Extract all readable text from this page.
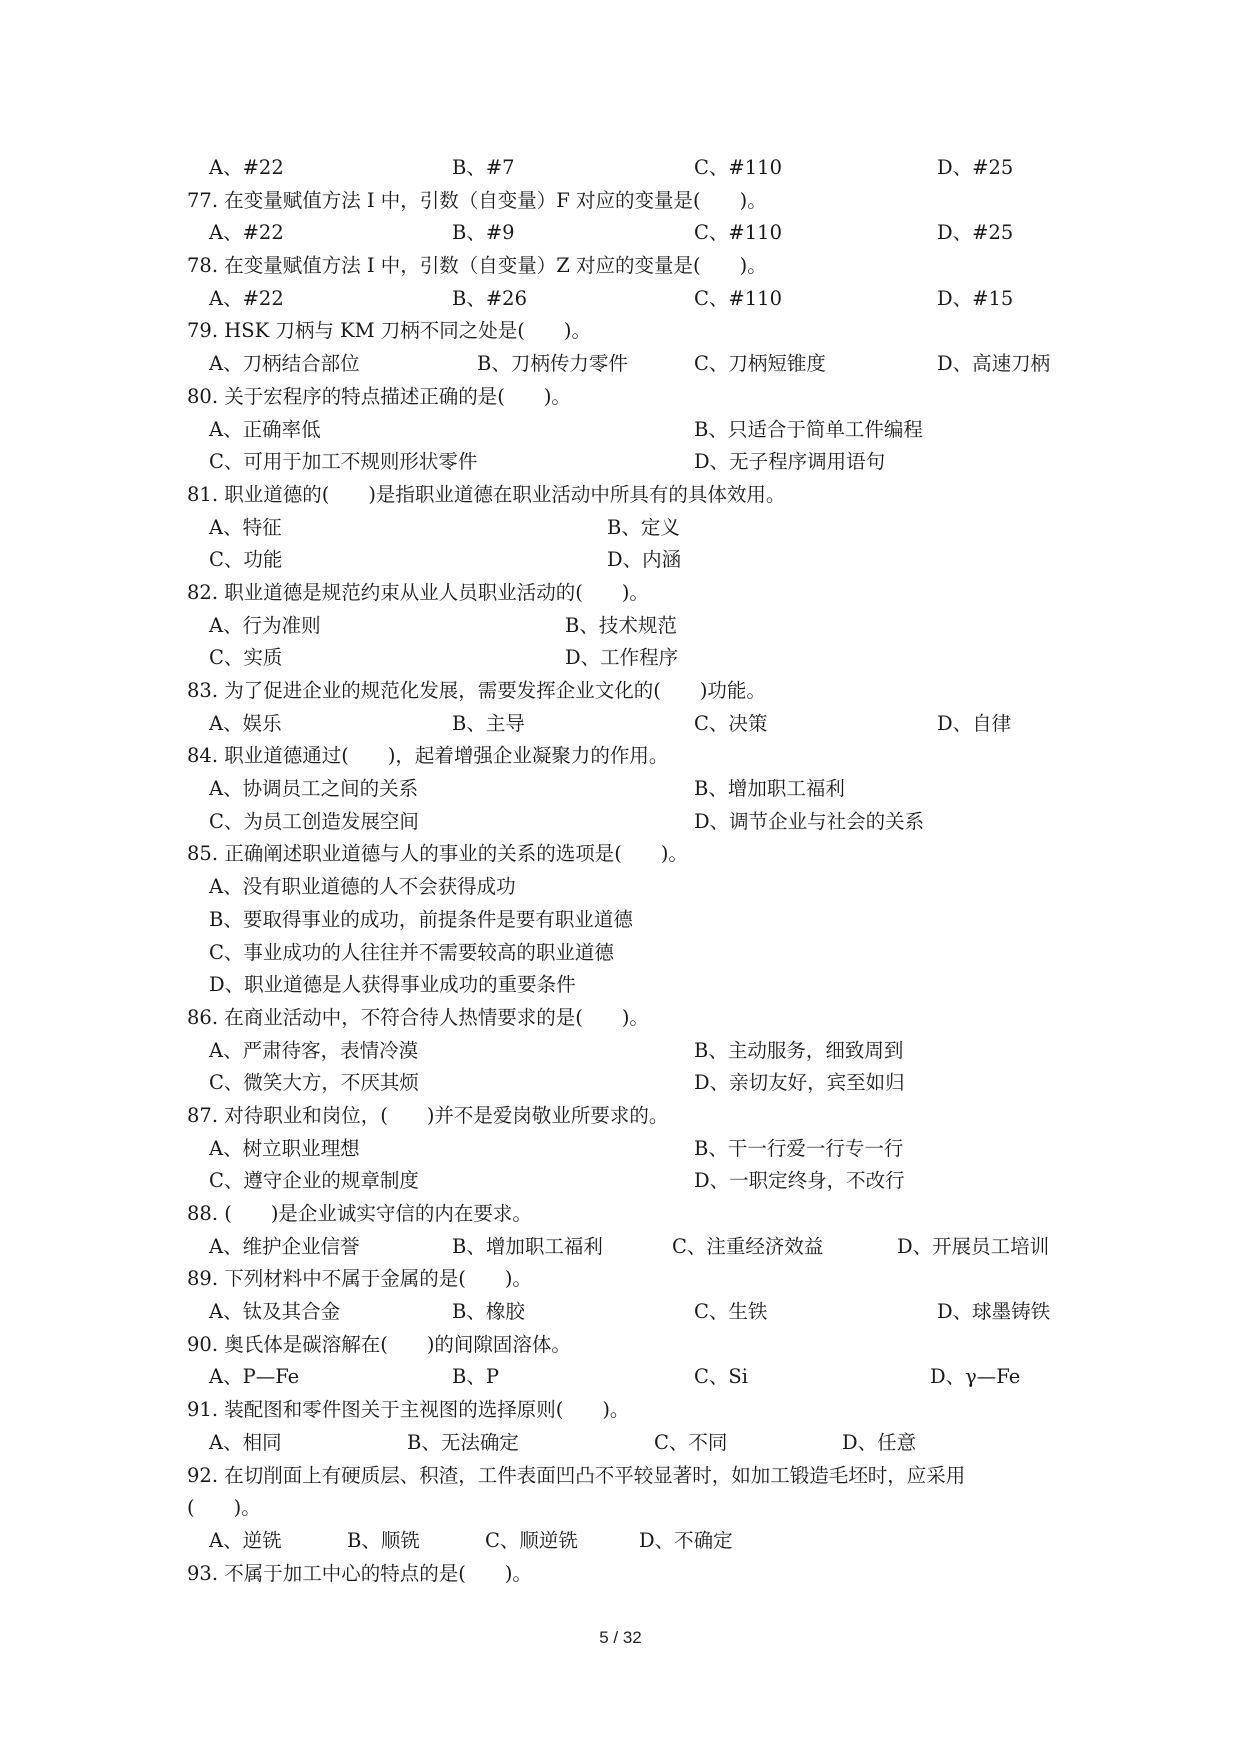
A、#22	B、#7	C、#110	D、#25
77. 在变量赋值方法 I 中，引数（自变量）F 对应的变量是(　　)。
A、#22	B、#9	C、#110	D、#25
78. 在变量赋值方法 I 中，引数（自变量）Z 对应的变量是(　　)。
A、#22	B、#26	C、#110	D、#15
79. HSK 刀柄与 KM 刀柄不同之处是(　　)。
A、刀柄结合部位	B、刀柄传力零件	C、刀柄短锥度	D、高速刀柄
80. 关于宏程序的特点描述正确的是(　　)。
A、正确率低	B、只适合于简单工件编程
C、可用于加工不规则形状零件	D、无子程序调用语句
81. 职业道德的(　　)是指职业道德在职业活动中所具有的具体效用。
A、特征	B、定义
C、功能	D、内涵
82. 职业道德是规范约束从业人员职业活动的(　　)。
A、行为准则	B、技术规范
C、实质	D、工作程序
83. 为了促进企业的规范化发展，需要发挥企业文化的(　　)功能。
A、娱乐	B、主导	C、决策	D、自律
84. 职业道德通过(　　)，起着增强企业凝聚力的作用。
A、协调员工之间的关系	B、增加职工福利
C、为员工创造发展空间	D、调节企业与社会的关系
85. 正确阐述职业道德与人的事业的关系的选项是(　　)。
A、没有职业道德的人不会获得成功
B、要取得事业的成功，前提条件是要有职业道德
C、事业成功的人往往并不需要较高的职业道德
D、职业道德是人获得事业成功的重要条件
86. 在商业活动中，不符合待人热情要求的是(　　)。
A、严肃待客，表情冷漠	B、主动服务，细致周到
C、微笑大方，不厌其烦	D、亲切友好，宾至如归
87. 对待职业和岗位，(　　)并不是爱岗敬业所要求的。
A、树立职业理想	B、干一行爱一行专一行
C、遵守企业的规章制度	D、一职定终身，不改行
88. (　　)是企业诚实守信的内在要求。
A、维护企业信誉	B、增加职工福利	C、注重经济效益	D、开展员工培训
89. 下列材料中不属于金属的是(　　)。
A、钛及其合金	B、橡胶	C、生铁	D、球墨铸铁
90. 奥氏体是碳溶解在(　　)的间隙固溶体。
A、P—Fe	B、P	C、Si	D、γ—Fe
91. 装配图和零件图关于主视图的选择原则(　　)。
A、相同	B、无法确定	C、不同	D、任意
92. 在切削面上有硬质层、积渣，工件表面凹凸不平较显著时，如加工锻造毛坯时，应采用
(　　)。
A、逆铣	B、顺铣	C、顺逆铣	D、不确定
93. 不属于加工中心的特点的是(　　)。
5 / 32
